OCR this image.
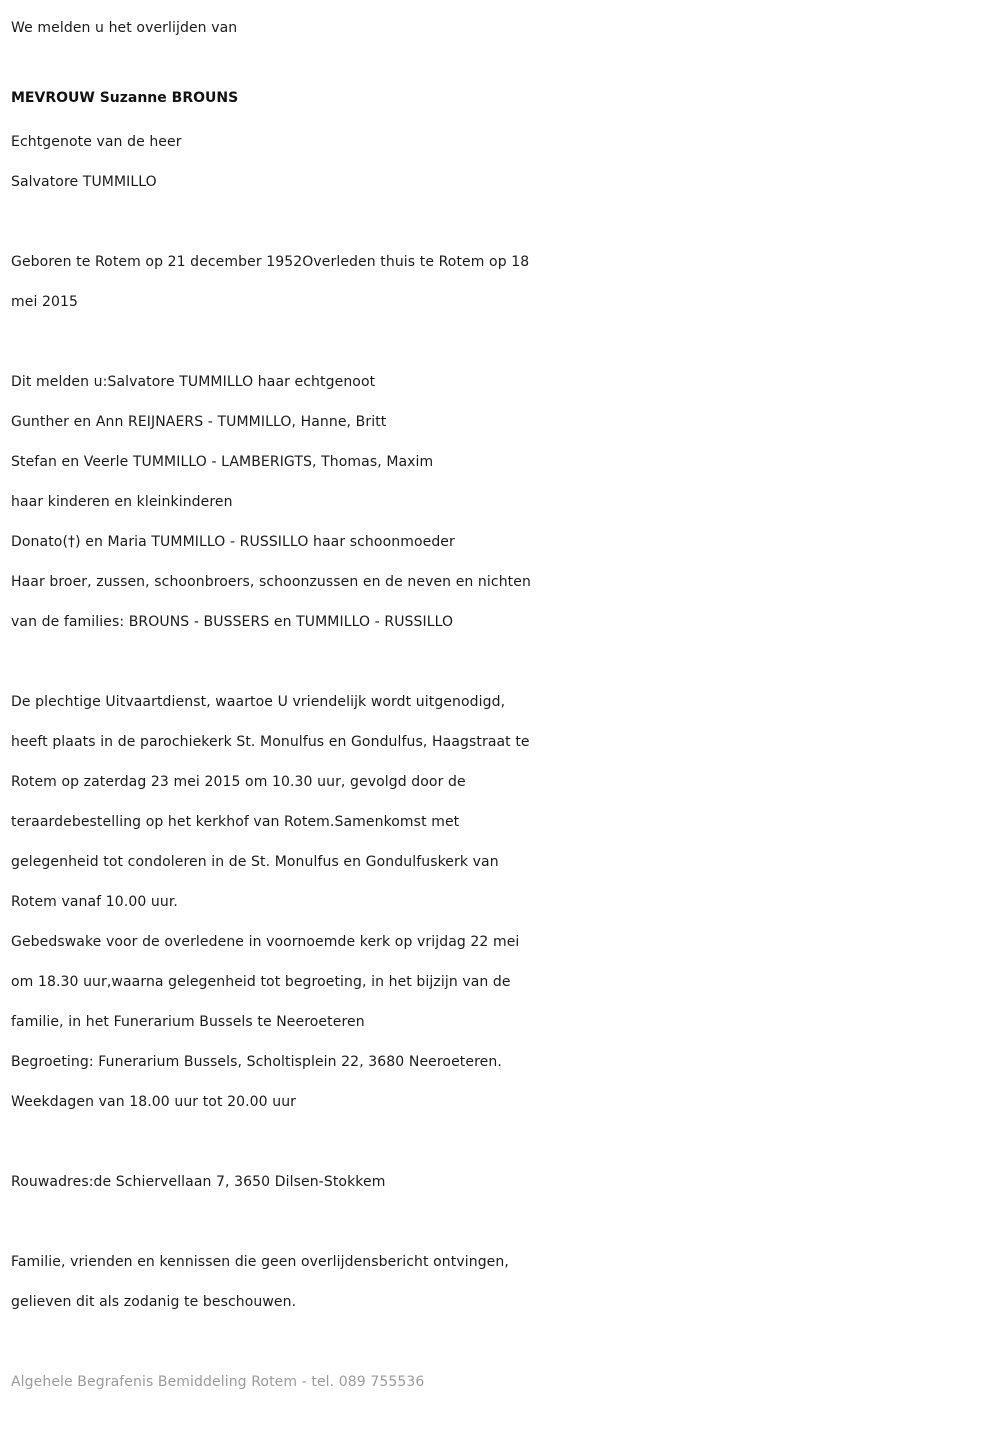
We melden u het overlijden van
MEVROUW Suzanne BROUNS
Echtgenote van de heer
Salvatore TUMMILLO
Geboren te Rotem op 21 december 1952Overleden thuis te Rotem op 18
mei 2015
Dit melden u:Salvatore TUMMILLO haar echtgenoot
Gunther en Ann REIJNAERS - TUMMILLO, Hanne, Britt
Stefan en Veerle TUMMILLO - LAMBERIGTS, Thomas, Maxim
haar kinderen en kleinkinderen
Donato(†) en Maria TUMMILLO - RUSSILLO haar schoonmoeder
Haar broer, zussen, schoonbroers, schoonzussen en de neven en nichten
van de families: BROUNS - BUSSERS en TUMMILLO - RUSSILLO
De plechtige Uitvaartdienst, waartoe U vriendelijk wordt uitgenodigd,
heeft plaats in de parochiekerk St. Monulfus en Gondulfus, Haagstraat te
Rotem op zaterdag 23 mei 2015 om 10.30 uur, gevolgd door de
teraardebestelling op het kerkhof van Rotem.Samenkomst met
gelegenheid tot condoleren in de St. Monulfus en Gondulfuskerk van
Rotem vanaf 10.00 uur.
Gebedswake voor de overledene in voornoemde kerk op vrijdag 22 mei
om 18.30 uur,waarna gelegenheid tot begroeting, in het bijzijn van de
familie, in het Funerarium Bussels te Neeroeteren
Begroeting: Funerarium Bussels, Scholtisplein 22, 3680 Neeroeteren.
Weekdagen van 18.00 uur tot 20.00 uur
Rouwadres:de Schiervellaan 7, 3650 Dilsen-Stokkem
Familie, vrienden en kennissen die geen overlijdensbericht ontvingen,
gelieven dit als zodanig te beschouwen.
Algehele Begrafenis Bemiddeling Rotem - tel. 089 755536
